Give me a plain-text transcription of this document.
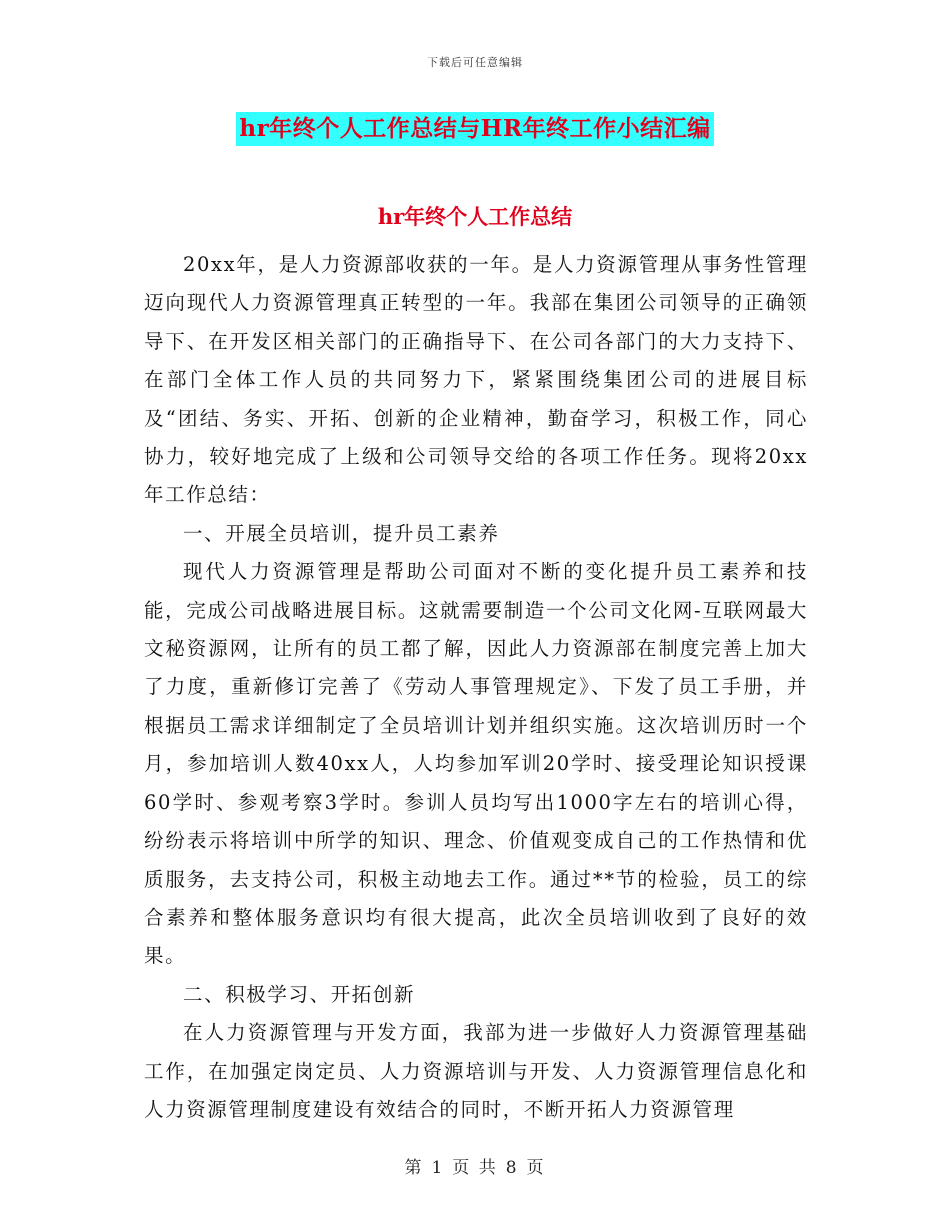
下载后可任意编辑
hr年终个人工作总结与HR年终工作小结汇编
hr年终个人工作总结

20xx年，是人力资源部收获的一年。是人力资源管理从事务性管理迈向现代人力资源管理真正转型的一年。我部在集团公司领导的正确领导下、在开发区相关部门的正确指导下、在公司各部门的大力支持下、在部门全体工作人员的共同努力下，紧紧围绕集团公司的进展目标及“团结、务实、开拓、创新的企业精神，勤奋学习，积极工作，同心协力，较好地完成了上级和公司领导交给的各项工作任务。现将20xx年工作总结：

一、开展全员培训，提升员工素养

现代人力资源管理是帮助公司面对不断的变化提升员工素养和技能，完成公司战略进展目标。这就需要制造一个公司文化网-互联网最大文秘资源网，让所有的员工都了解，因此人力资源部在制度完善上加大了力度，重新修订完善了《劳动人事管理规定》、下发了员工手册，并根据员工需求详细制定了全员培训计划并组织实施。这次培训历时一个月，参加培训人数40xx人，人均参加军训20学时、接受理论知识授课60学时、参观考察3学时。参训人员均写出1000字左右的培训心得，纷纷表示将培训中所学的知识、理念、价值观变成自己的工作热情和优质服务，去支持公司，积极主动地去工作。通过**节的检验，员工的综合素养和整体服务意识均有很大提高，此次全员培训收到了良好的效果。

二、积极学习、开拓创新

在人力资源管理与开发方面，我部为进一步做好人力资源管理基础工作，在加强定岗定员、人力资源培训与开发、人力资源管理信息化和人力资源管理制度建设有效结合的同时，不断开拓人力资源管理

第 1 页 共 8 页
